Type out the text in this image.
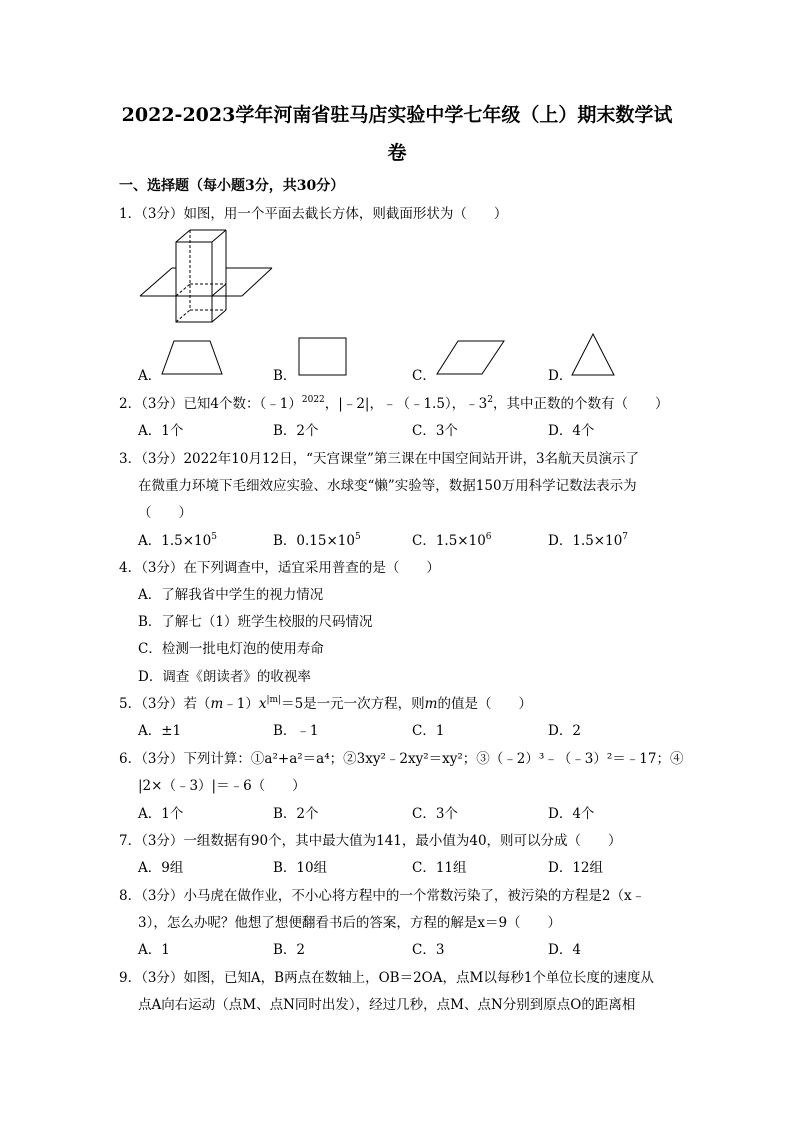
2022-2023学年河南省驻马店实验中学七年级（上）期末数学试
卷
一、选择题（每小题3分，共30分）
1．（3分）如图，用一个平面去截长方体，则截面形状为（　　）
A．	B．	C．	D．
2．（3分）已知4个数：（﹣1）$^{2022}$，|﹣2|，﹣（﹣1.5），$﹣3^2$，其中正数的个数有（　　）
A．1个	B．2个	C．3个	D．4个
3．（3分）2022年10月12日，“天宫课堂”第三课在中国空间站开讲，3名航天员演示了
在微重力环境下毛细效应实验、水球变“懒”实验等，数据150万用科学记数法表示为
（　　）
A．$1.5\times 10^5$	B．$0.15\times 10^5$	C．$1.5\times 10^6$	D．$1.5\times 10^7$
4．（3分）在下列调查中，适宜采用普查的是（　　）
A．了解我省中学生的视力情况
B．了解七（1）班学生校服的尺码情况
C．检测一批电灯泡的使用寿命
D．调查《朗读者》的收视率
5．（3分）若$(m﹣1)x^{|m|}=5$是一元一次方程，则m的值是（　　）
A．±1	B．﹣1	C．1	D．2
6．（3分）下列计算：①a²+a²＝a⁴；②3xy²﹣2xy²＝xy²；③（﹣2）³﹣（﹣3）²＝﹣17；④
|2×（﹣3）|＝﹣6（　　）
A．1个	B．2个	C．3个	D．4个
7．（3分）一组数据有90个，其中最大值为141，最小值为40，则可以分成（　　）
A．9组	B．10组	C．11组	D．12组
8．（3分）小马虎在做作业，不小心将方程中的一个常数污染了，被污染的方程是2（x﹣
3），怎么办呢？他想了想便翻看书后的答案，方程的解是x＝9（　　）
A．1	B．2	C．3	D．4
9．（3分）如图，已知A，B两点在数轴上，OB＝2OA，点M以每秒1个单位长度的速度从
点A向右运动（点M、点N同时出发），经过几秒，点M、点N分别到原点O的距离相
